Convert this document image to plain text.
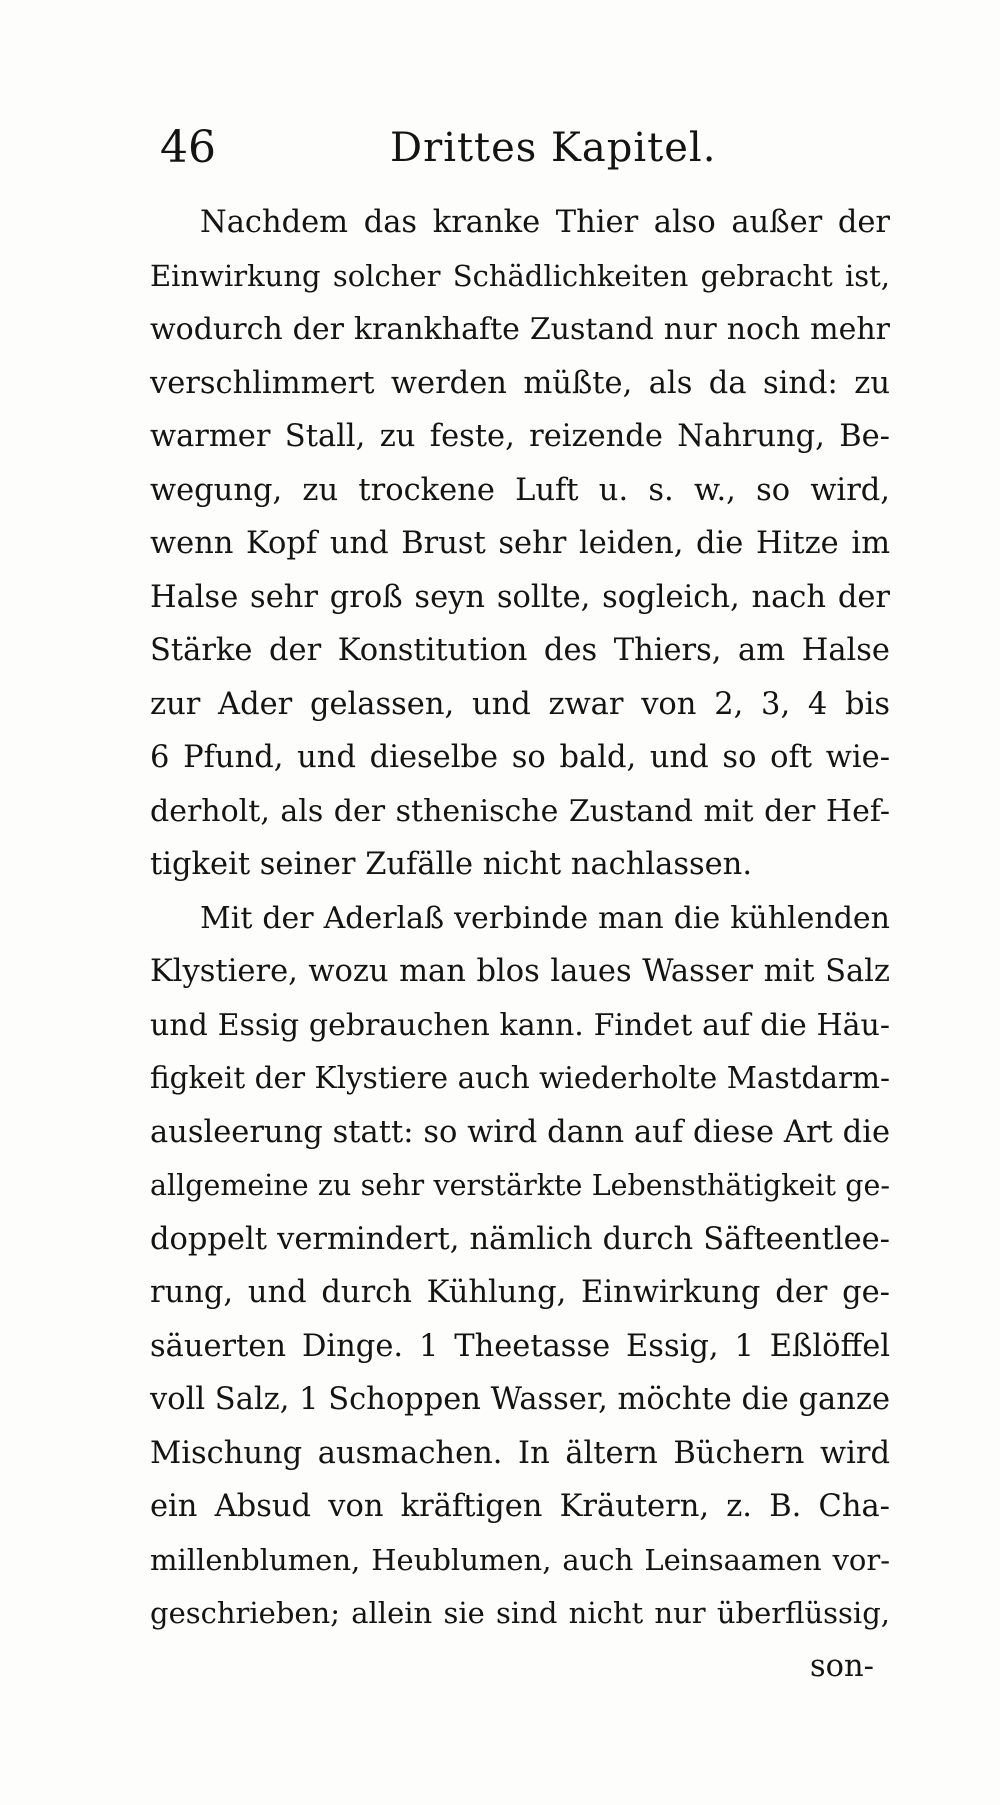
46	Drittes Kapitel.
Nachdem das kranke Thier also außer der
Einwirkung solcher Schädlichkeiten gebracht ist,
wodurch der krankhafte Zustand nur noch mehr
verschlimmert werden müßte, als da sind: zu
warmer Stall, zu feste, reizende Nahrung, Be-
wegung, zu trockene Luft u. s. w., so wird,
wenn Kopf und Brust sehr leiden, die Hitze im
Halse sehr groß seyn sollte, sogleich, nach der
Stärke der Konstitution des Thiers, am Halse
zur Ader gelassen, und zwar von 2, 3, 4 bis
6 Pfund, und dieselbe so bald, und so oft wie-
derholt, als der sthenische Zustand mit der Hef-
tigkeit seiner Zufälle nicht nachlassen.
Mit der Aderlaß verbinde man die kühlenden
Klystiere, wozu man blos laues Wasser mit Salz
und Essig gebrauchen kann. Findet auf die Häu-
figkeit der Klystiere auch wiederholte Mastdarm-
ausleerung statt: so wird dann auf diese Art die
allgemeine zu sehr verstärkte Lebensthätigkeit ge-
doppelt vermindert, nämlich durch Säfteentlee-
rung, und durch Kühlung, Einwirkung der ge-
säuerten Dinge. 1 Theetasse Essig, 1 Eßlöffel
voll Salz, 1 Schoppen Wasser, möchte die ganze
Mischung ausmachen. In ältern Büchern wird
ein Absud von kräftigen Kräutern, z. B. Cha-
millenblumen, Heublumen, auch Leinsaamen vor-
geschrieben; allein sie sind nicht nur überflüssig,
son-
